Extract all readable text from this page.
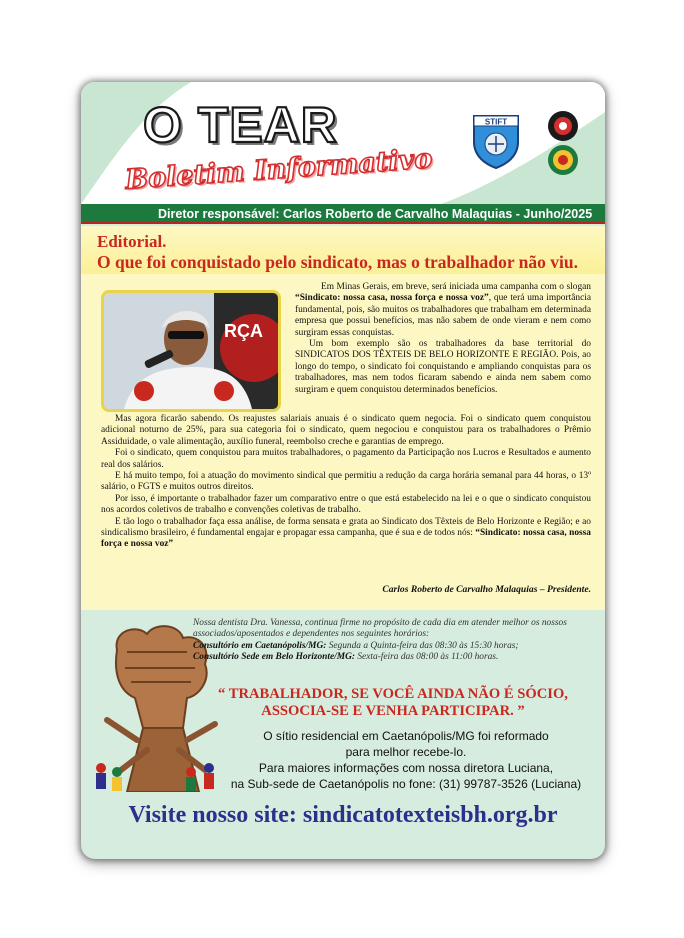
O TEAR
Boletim Informativo
STIFT
Diretor responsável: Carlos Roberto de Carvalho Malaquias - Junho/2025
Editorial.
O que foi conquistado pelo sindicato, mas o trabalhador não viu.
RÇA

Em Minas Gerais, em breve, será iniciada uma campanha com o slogan “Sindicato: nossa casa, nossa força e nossa voz”, que terá uma importância fundamental, pois, são muitos os trabalhadores que trabalham em determinada empresa que possui benefícios, mas não sabem de onde vieram e nem como surgiram essas conquistas.

Um bom exemplo são os trabalhadores da base territorial do SINDICATOS DOS TÊXTEIS DE BELO HORIZONTE E REGIÃO. Pois, ao longo do tempo, o sindicato foi conquistando e ampliando conquistas para os trabalhadores, mas nem todos ficaram sabendo e ainda nem sabem como surgiram e quem conquistou determinados benefícios.

Mas agora ficarão sabendo. Os reajustes salariais anuais é o sindicato quem negocia. Foi o sindicato quem conquistou adicional noturno de 25%, para sua categoria foi o sindicato, quem negociou e conquistou para os trabalhadores o Prêmio Assiduidade, o vale alimentação, auxílio funeral, reembolso creche e garantias de emprego.

Foi o sindicato, quem conquistou para muitos trabalhadores, o pagamento da Participação nos Lucros e Resultados e aumento real dos salários.

E há muito tempo, foi a atuação do movimento sindical que permitiu a redução da carga horária semanal para 44 horas, o 13º salário, o FGTS e muitos outros direitos.

Por isso, é importante o trabalhador fazer um comparativo entre o que está estabelecido na lei e o que o sindicato conquistou nos acordos coletivos de trabalho e convenções coletivas de trabalho.

E tão logo o trabalhador faça essa análise, de forma sensata e grata ao Sindicato dos Têxteis de Belo Horizonte e Região; e ao sindicalismo brasileiro, é fundamental engajar e propagar essa campanha, que é sua e de todos nós: “Sindicato: nossa casa, nossa força e nossa voz”

Carlos Roberto de Carvalho Malaquias – Presidente.

Nossa dentista Dra. Vanessa, continua firme no propósito de cada dia em atender melhor os nossos associados/aposentados e dependentes nos seguintes horários:

Consultório em Caetanópolis/MG: Segunda a Quinta-feira das 08:30 às 15:30 horas;

Consultório Sede em Belo Horizonte/MG: Sexta-feira das 08:00 às 11:00 horas.

“ TRABALHADOR, SE VOCÊ AINDA NÃO É SÓCIO,
ASSOCIA-SE E VENHA PARTICIPAR. ”
O sítio residencial em Caetanópolis/MG foi reformado
para melhor recebe-lo.
Para maiores informações com nossa diretora Luciana,
na Sub-sede de Caetanópolis no fone: (31) 99787-3526 (Luciana)
Visite nosso site: sindicatotexteisbh.org.br
